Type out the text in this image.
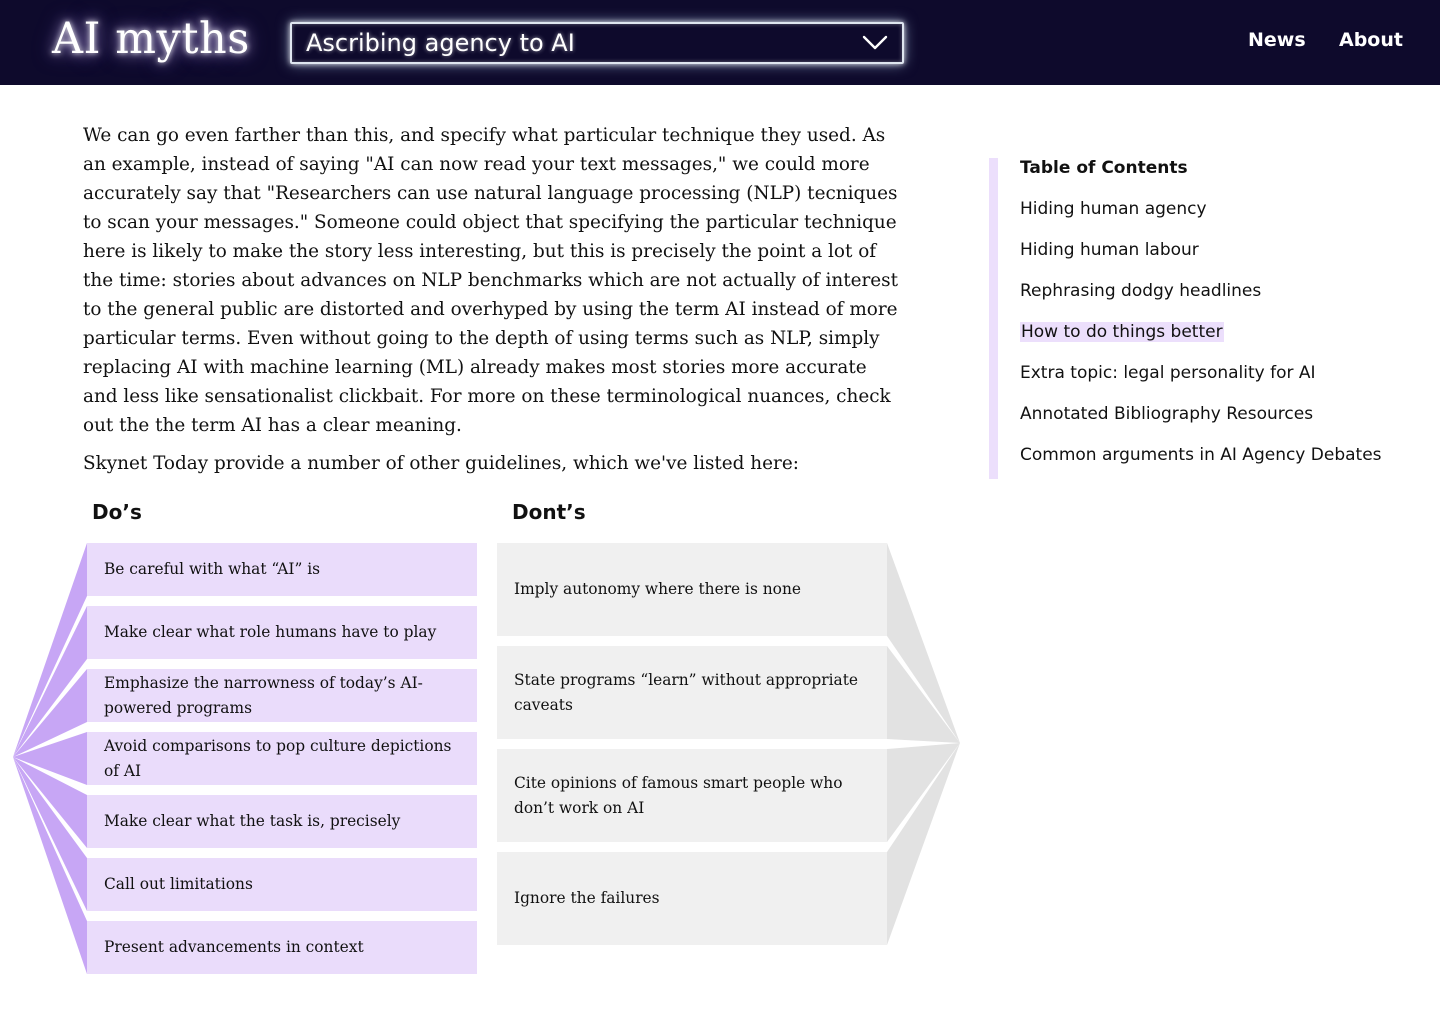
AI myths Ascribing agency to AI	News About

We can go even farther than this, and specify what particular technique they used. As an example, instead of saying "AI can now read your text messages," we could more accurately say that "Researchers can use natural language processing (NLP) tecniques to scan your messages." Someone could object that specifying the particular technique here is likely to make the story less interesting, but this is precisely the point a lot of the time: stories about advances on NLP benchmarks which are not actually of interest to the general public are distorted and overhyped by using the term AI instead of more particular terms. Even without going to the depth of using terms such as NLP, simply replacing AI with machine learning (ML) already makes most stories more accurate and less like sensationalist clickbait. For more on these terminological nuances, check out the the term AI has a clear meaning.

Skynet Today provide a number of other guidelines, which we've listed here:

Do’s	Dont’s
Be careful with what “AI” is
Make clear what role humans have to play
Emphasize the narrowness of today’s AI-powered programs
Avoid comparisons to pop culture depictions of AI
Make clear what the task is, precisely
Call out limitations
Present advancements in context
Imply autonomy where there is none
State programs “learn” without appropriate caveats
Cite opinions of famous smart people who don’t work on AI
Ignore the failures
Table of Contents
Hiding human agency
Hiding human labour
Rephrasing dodgy headlines
How to do things better
Extra topic: legal personality for AI
Annotated Bibliography Resources
Common arguments in AI Agency Debates
